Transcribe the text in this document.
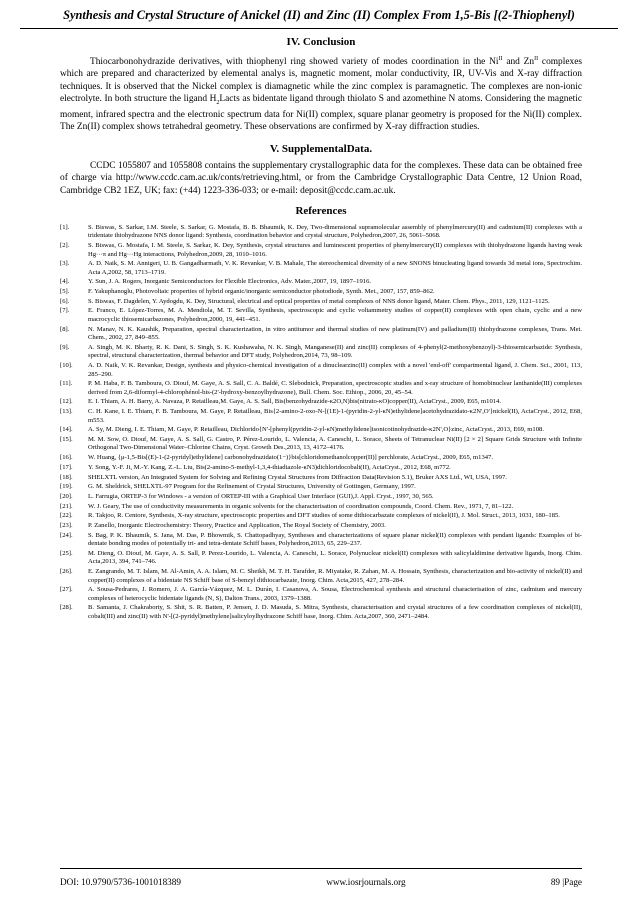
Synthesis and Crystal Structure of Anickel (II) and Zinc (II) Complex From 1,5-Bis [(2-Thiophenyl)
IV. Conclusion

Thiocarbonohydrazide derivatives, with thiophenyl ring showed variety of modes coordination in the $Ni^{II}$ and $Zn^{II}$ complexes which are prepared and characterized by elemental analys is, magnetic moment, molar conductivity, IR, UV-Vis and X-ray diffraction techniques. It is observed that the Nickel complex is diamagnetic while the zinc complex is paramagnetic. The complexes are non-ionic electrolyte. In both structure the ligand $H_2Lacts$ as bidentate ligand through thiolato S and azomethine N atoms. Considering the magnetic moment, infrared spectra and the electronic spectrum data for Ni(II) complex, square planar geometry is proposed for the Ni(II) complex. The Zn(II) complex shows tetrahedral geometry. These observations are confirmed by X-ray diffraction studies.

V. SupplementalData.

CCDC 1055807 and 1055808 contains the supplementary crystallographic data for the complexes. These data can be obtained free of charge via http://www.ccdc.cam.ac.uk/conts/retrieving.html, or from the Cambridge Crystallographic Data Centre, 12 Union Road, Cambridge CB2 1EZ, UK; fax: (+44) 1223-336-033; or e-mail: deposit@ccdc.cam.ac.uk.

References
[1].	S. Biswas, S. Sarkar, I.M. Steele, S. Sarkar, G. Mostafa, B. B. Bhaumik, K. Dey, Two-dimensional supramolecular assembly of phenylmercury(II) and cadmium(II) complexes with a tridentate thiohydrazone NNS donor ligand: Synthesis, coordination behavior and crystal structure, Polyhedron,2007, 26, 5061–5068.
[2].	S. Biswas, G. Mostafa, I. M. Steele, S. Sarkar, K. Dey, Synthesis, crystal structures and luminescent properties of phenylmercury(II) complexes with thiohydrazone ligands having weak Hg···π and Hg···Hg interactions, Polyhedron,2009, 28, 1010–1016.
[3].	A. D. Naik, S. M. Annigeri, U. B. Gangadharmath, V. K. Revankar, V. B. Mahale, The stereochemical diversity of a new SNONS binucleating ligand towards 3d metal ions, Spectrochim. Acta A,2002, 58, 1713–1719.
[4].	Y. Sun, J. A. Rogers, Inorganic Semiconductors for Flexible Electronics, Adv. Mater.,2007, 19, 1897–1916.
[5].	F. Yakuphanoglu, Photovoltaic properties of hybrid organic/inorganic semiconductor photodiode, Synth. Met., 2007, 157, 859–862.
[6].	S. Biswas, F. Dagdelen, Y. Aydogdu, K. Dey, Structural, electrical and optical properties of metal complexes of NNS donor ligand, Mater. Chem. Phys., 2011, 129, 1121–1125.
[7].	E. Franco, E. López-Torres, M. A. Mendiola, M. T. Sevilla, Synthesis, spectroscopic and cyclic voltammetry studies of copper(II) complexes with open chain, cyclic and a new macrocyclic thiosemicarbazones, Polyhedron,2000, 19, 441–451.
[8].	N. Manav, N. K. Kaushik, Preparation, spectral characterization, in vitro antitumor and thermal studies of new platinum(IV) and palladium(II) thiohydrazone complexes, Trans. Met. Chem., 2002, 27, 849–855.
[9].	A. Singh, M. K. Bharty, R. K. Dani, S. Singh, S. K. Kushawaha, N. K. Singh, Manganese(II) and zinc(II) complexes of 4-phenyl(2-methoxybenzoyl)-3-thiosemicarbazide: Synthesis, spectral, structural characterization, thermal behavior and DFT study, Polyhedron,2014, 73, 98–109.
[10].	A. D. Naik, V. K. Revankar, Design, synthesis and physico-chemical investigation of a dinuclearzinc(II) complex with a novel 'end-off' compartmental ligand, J. Chem. Sci., 2001, 113, 285–290.
[11].	P. M. Haba, F. B. Tamboura, O. Diouf, M. Gaye, A. S. Sall, C. A. Baldé, C. Slebodnick, Preparation, spectroscopic studies and x-ray structure of homobinuclear lanthanide(III) complexes derived from 2,6-diformyl-4-chlorophénol-bis-(2'-hydroxy-benzoylhydrazone), Bull. Chem. Soc. Ethiop., 2006, 20, 45–54.
[12].	E. I. Thiam, A. H. Barry, A. Navaza, P. Retailleau,M. Gaye, A. S. Sall, Bis(benzohydrazide-κ2O,N)bis(nitrato-κO)copper(II), ActaCryst., 2009, E65, m1014.
[13].	C. H. Kane, I. E. Thiam, F. B. Tamboura, M. Gaye, P. Retailleau, Bis{2-amino-2-oxo-N-[(1E)-1-(pyridin-2-yl-κN)ethylidene]acetohydrazidato-κ2N',O'}nickel(II), ActaCryst., 2012, E68, m553.
[14].	A. Sy, M. Dieng, I. E. Thiam, M. Gaye, P. Retailleau, Dichlorido{N'-[phenyl(pyridin-2-yl-κN)methylidene]isonicotinohydrazide-κ2N',O}zinc, ActaCryst., 2013, E69, m108.
[15].	M. M. Sow, O. Diouf, M. Gaye, A. S. Sall, G. Castro, P. Pérez-Lourido, L. Valencia, A. Caneschi, L. Sorace, Sheets of Tetranuclear Ni(II) [2 × 2] Square Grids Structure with Infinite Orthogonal Two-Dimensional Water–Chlorine Chains, Cryst. Growth Des.,2013, 13, 4172–4176.
[16].	W. Huang, {μ-1,5-Bis[(E)-1-(2-pyridyl)ethylidene] carbonohydrazidato(1−)}bis[chloridomethanolcopper(II)] perchlorate, ActaCryst., 2009, E65, m1347.
[17].	Y. Song, Y.-F. Ji, M.-Y. Kang, Z.-L. Liu, Bis(2-amino-5-methyl-1,3,4-thiadiazole-κN3)dichloridocobalt(II), ActaCryst., 2012, E68, m772.
[18].	SHELXTL version, An Integrated System for Solving and Refining Crystal Structures from Diffraction Data(Revision 5.1), Bruker AXS Ltd., WI, USA, 1997.
[19].	G. M. Sheldrick, SHELXTL-97 Program for the Refinement of Crystal Structures, University of Gottingen, Germany, 1997.
[20].	L. Farrugia, ORTEP-3 for Windows - a version of ORTEP-III with a Graphical User Interface (GUI),J. Appl. Cryst., 1997, 30, 565.
[21].	W. J. Geary, The use of conductivity measurements in organic solvents for the characterisation of coordination compounds, Coord. Chem. Rev., 1971, 7, 81–122.
[22].	R. Takjoo, R. Centore, Synthesis, X-ray structure, spectroscopic properties and DFT studies of some dithiocarbazate complexes of nickel(II), J. Mol. Struct., 2013, 1031, 180–185.
[23].	P. Zanello, Inorganic Electrochemistry: Theory, Practice and Application, The Royal Society of Chemistry, 2003.
[24].	S. Bag, P. K. Bhaumik, S. Jana, M. Das, P. Bhowmik, S. Chattopadhyay, Syntheses and characterizations of square planar nickel(II) complexes with pendant ligands: Examples of bi-dentate bonding modes of potentially tri- and tetra-dentate Schiff bases, Polyhedron,2013, 65, 229–237.
[25].	M. Dieng, O. Diouf, M. Gaye, A. S. Sall, P. Perez-Lourido, L. Valencia, A. Caneschi, L. Sorace, Polynuclear nickel(II) complexes with salicylaldimine derivative ligands, Inorg. Chim. Acta,2013, 394, 741–746.
[26].	E. Zangrando, M. T. Islam, M. Al-Amin, A. A. Islam, M. C. Sheikh, M. T. H. Tarafder, R. Miyatake, R. Zahan, M. A. Hossain, Synthesis, characterization and bio-activity of nickel(II) and copper(II) complexes of a bidentate NS Schiff base of S-benzyl dithiocarbazate, Inorg. Chim. Acta,2015, 427, 278–284.
[27].	A. Sousa-Pedrares, J. Romero, J. A. García-Vázquez, M. L. Durán, I. Casanova, A. Sousa, Electrochemical synthesis and structural characterisation of zinc, cadmium and mercury complexes of heterocyclic bidentate ligands (N, S), Dalton Trans., 2003, 1379–1388.
[28].	B. Samanta, J. Chakraborty, S. Shit, S. R. Batten, P. Jensen, J. D. Masuda, S. Mitra, Synthesis, characterisation and crystal structures of a few coordination complexes of nickel(II), cobalt(III) and zinc(II) with N'-[(2-pyridyl)methylene]salicyloylhydrazone Schiff base, Inorg. Chim. Acta,2007, 360, 2471–2484.
DOI: 10.9790/5736-1001018389	www.iosrjournals.org	89 |Page
